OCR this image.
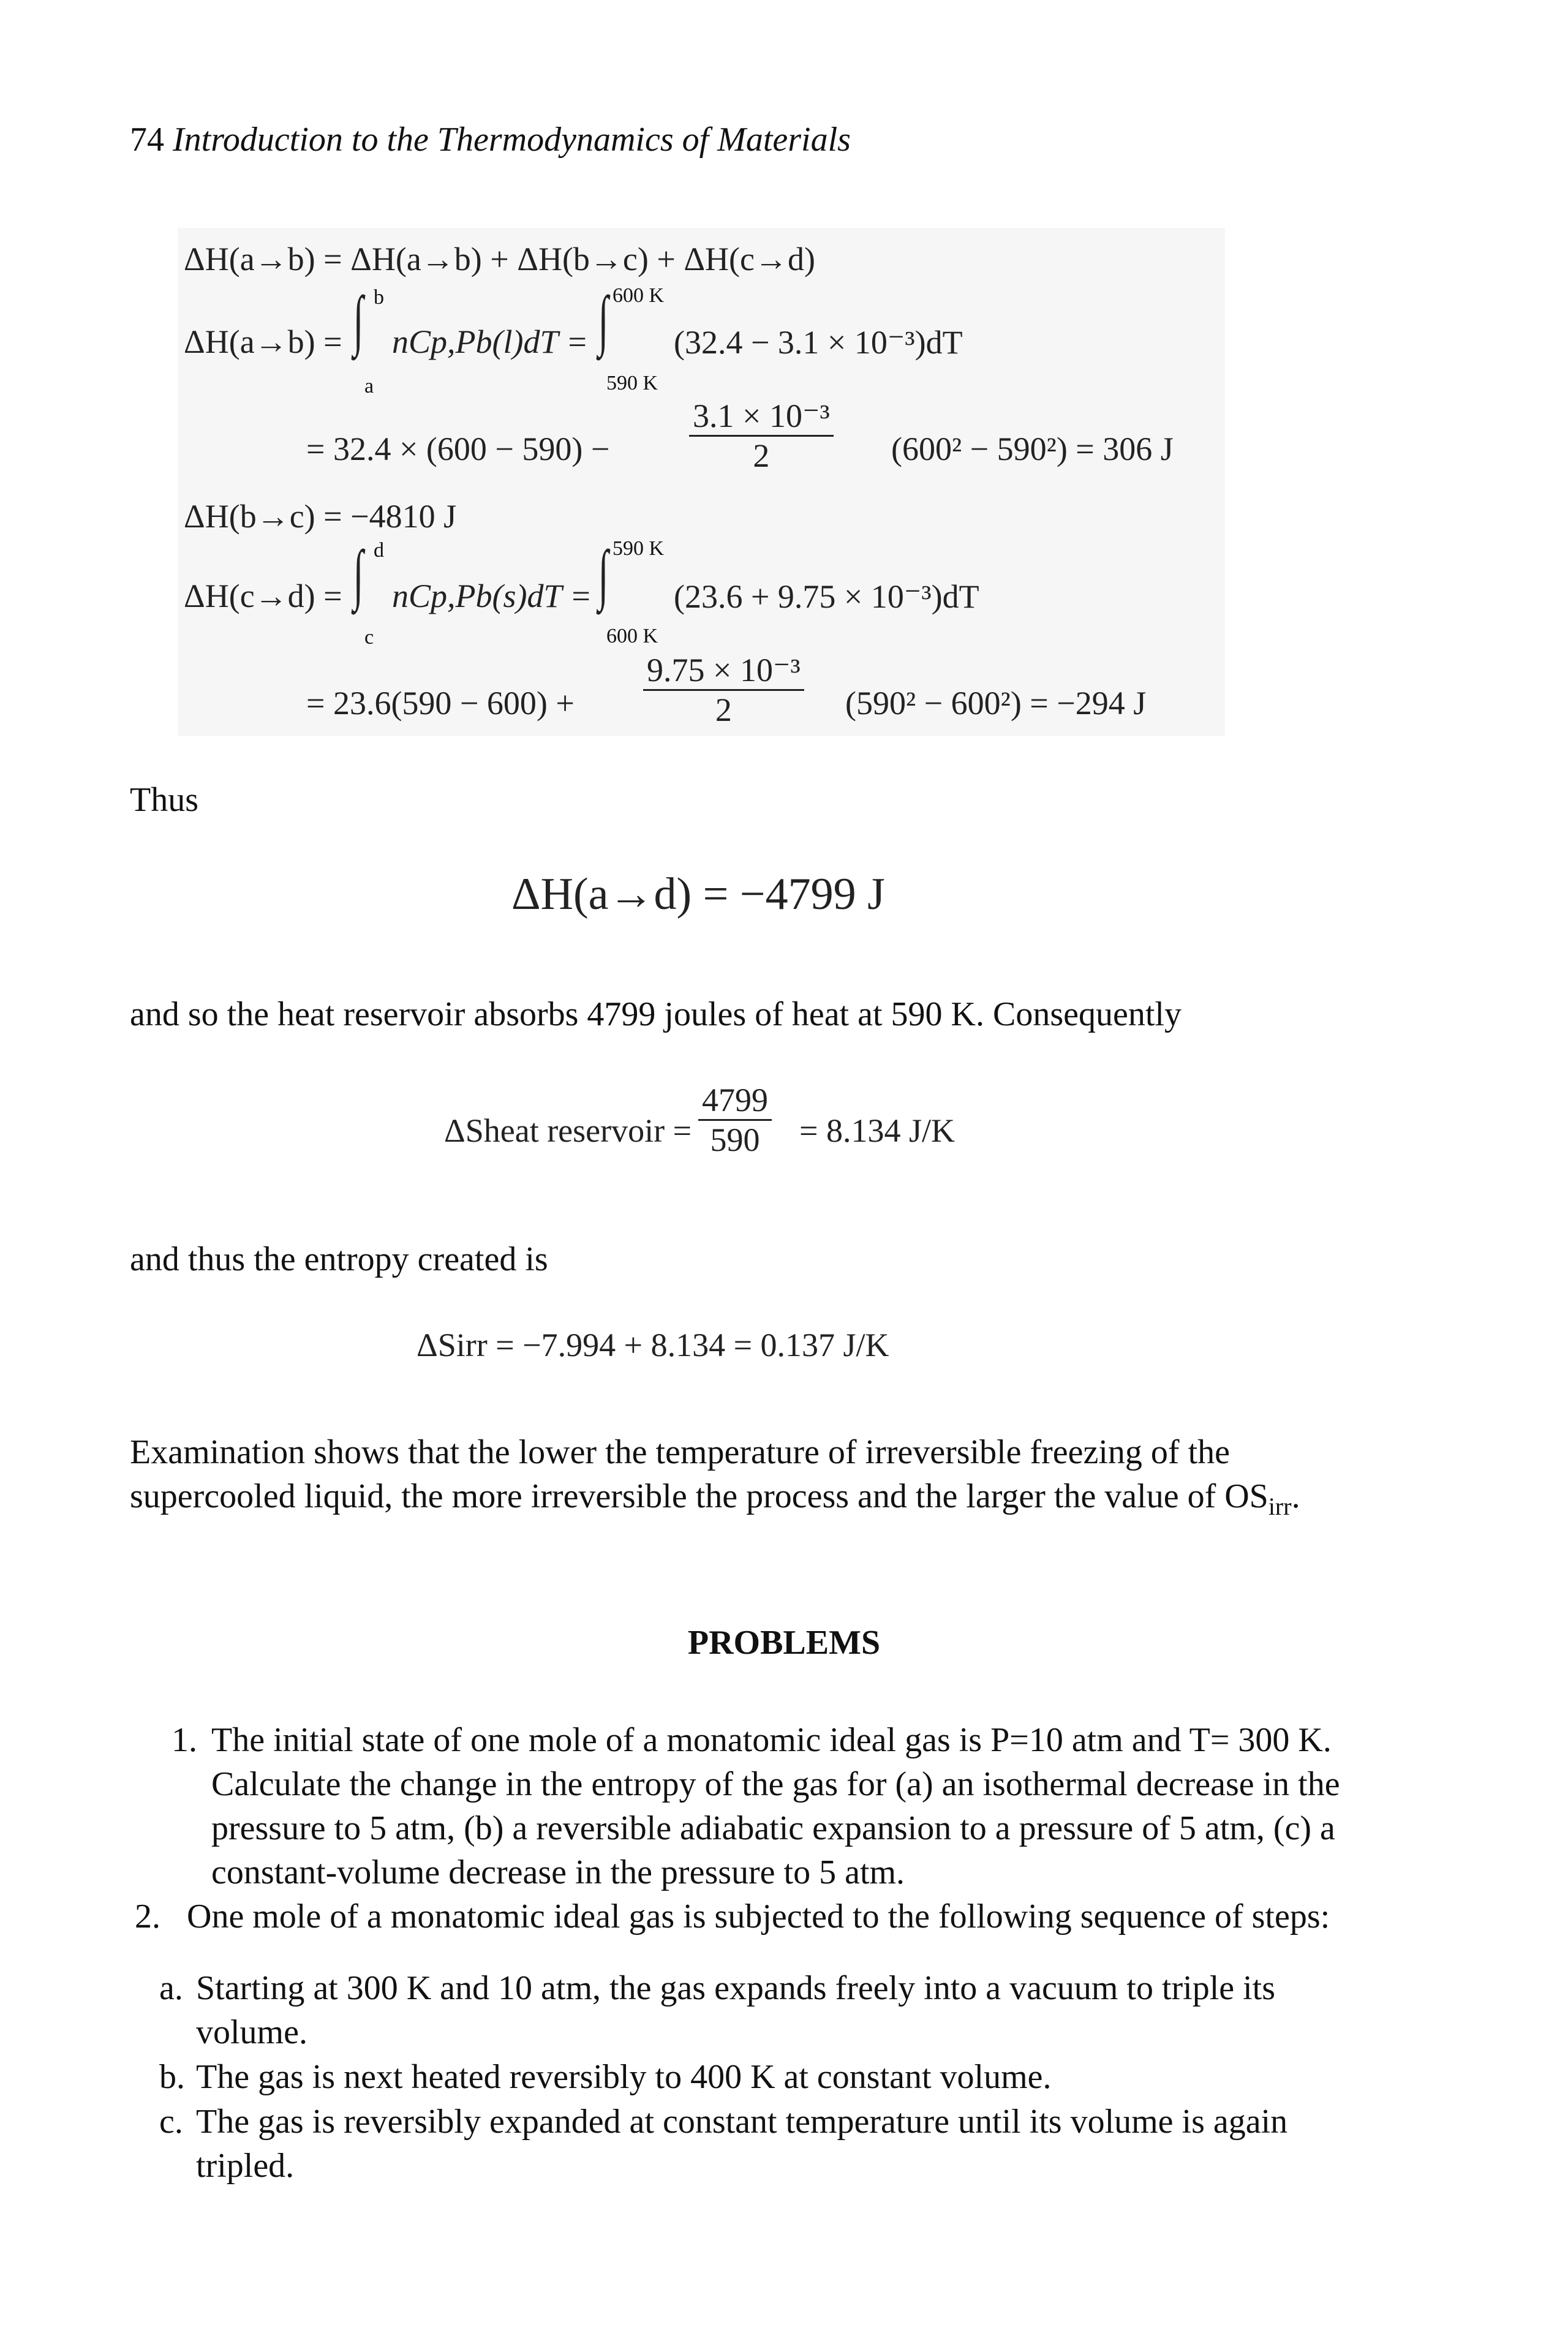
74 Introduction to the Thermodynamics of Materials
ΔH(a→b) = ΔH(a→b) + ΔH(b→c) + ΔH(c→d)
ΔH(a→b) = ∫ b
a
nCp,Pb(l)dT = ∫ 600 K
590 K
(32.4 − 3.1 × 10⁻³)dT
= $32.4 \times (600 - 590) - \frac{\text{3.1 × 10⁻³}}{2} (600^2 - 590^2) = 306$ J
ΔH(b→c) = −4810 J
ΔH(c→d) = ∫ d
c
nCp,Pb(s)dT = ∫ 590 K
600 K
(23.6 + 9.75 × 10⁻³)dT
= $23.6(590 - 600) + \frac{\text{9.75 × 10⁻³}}{2} (590^2 - 600^2) = -294$ J
Thus
ΔH(a→d) = −4799 J
and so the heat reservoir absorbs 4799 joules of heat at 590 K. Consequently
ΔSheat reservoir = $\frac{4799}{590} = 8.134$ J/K
and thus the entropy created is
ΔSirr = −7.994 + 8.134 = 0.137 J/K
Examination shows that the lower the temperature of irreversible freezing of the
supercooled liquid, the more irreversible the process and the larger the value of $OS_{irr}$.
PROBLEMS
1. The initial state of one mole of a monatomic ideal gas is P=10 atm and T= 300 K.
Calculate the change in the entropy of the gas for (a) an isothermal decrease in the
pressure to 5 atm, (b) a reversible adiabatic expansion to a pressure of 5 atm, (c) a
constant-volume decrease in the pressure to 5 atm.
2. One mole of a monatomic ideal gas is subjected to the following sequence of steps:
a. Starting at 300 K and 10 atm, the gas expands freely into a vacuum to triple its
volume.
b. The gas is next heated reversibly to 400 K at constant volume.
c. The gas is reversibly expanded at constant temperature until its volume is again
tripled.
